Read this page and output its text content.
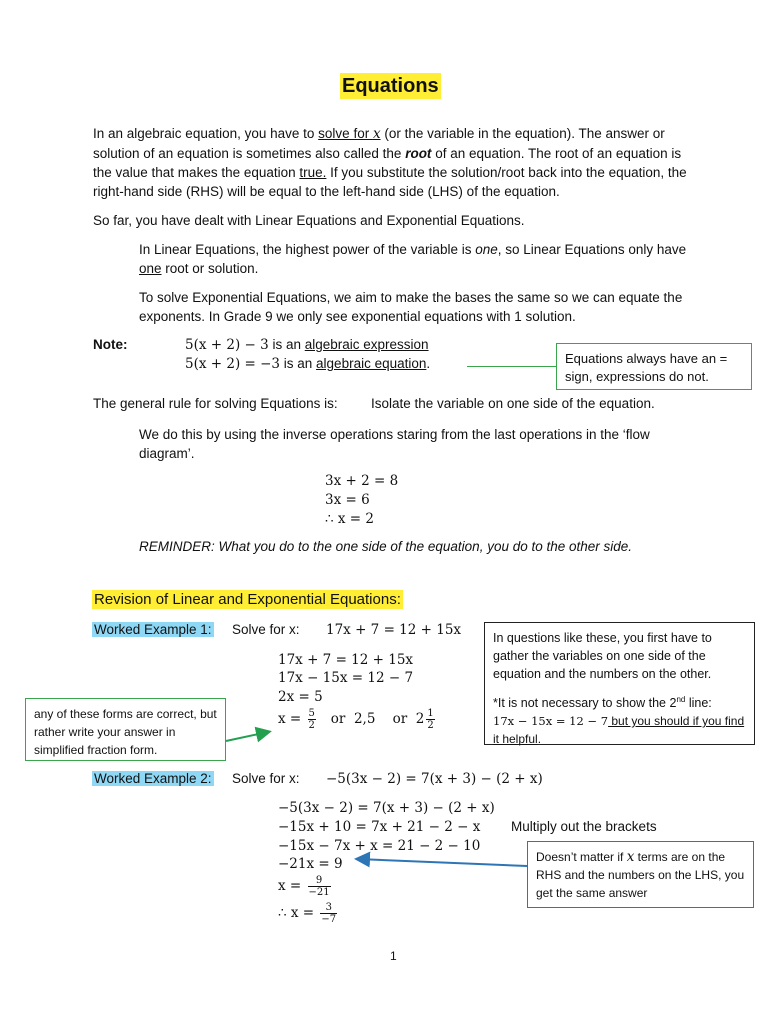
Equations
In an algebraic equation, you have to solve for x (or the variable in the equation). The answer or solution of an equation is sometimes also called the root of an equation. The root of an equation is the value that makes the equation true. If you substitute the solution/root back into the equation, the right-hand side (RHS) will be equal to the left-hand side (LHS) of the equation.
So far, you have dealt with Linear Equations and Exponential Equations.
In Linear Equations, the highest power of the variable is one, so Linear Equations only have one root or solution.
To solve Exponential Equations, we aim to make the bases the same so we can equate the exponents. In Grade 9 we only see exponential equations with 1 solution.
Note:	5(x + 2) − 3 is an algebraic expression
5(x + 2) = −3 is an algebraic equation.	Equations always have an = sign, expressions do not.
The general rule for solving Equations is: Isolate the variable on one side of the equation.
We do this by using the inverse operations staring from the last operations in the ‘flow diagram’.
3x + 2 = 8
3x = 6
∴ x = 2
REMINDER: What you do to the one side of the equation, you do to the other side.
Revision of Linear and Exponential Equations:
Worked Example 1: Solve for x: 17x + 7 = 12 + 15x
17x + 7 = 12 + 15x
17x − 15x = 12 − 7
2x = 5
$x = \frac{5}{2}$ or 2,5 or $2 \frac{1}{2}$
In questions like these, you first have to gather the variables on one side of the equation and the numbers on the other.
*It is not necessary to show the 2nd line:
17x − 15x = 12 − 7 but you should if you find it helpful.
any of these forms are correct, but rather write your answer in simplified fraction form.
Worked Example 2: Solve for x: −5(3x − 2) = 7(x + 3) − (2 + x)
−5(3x − 2) = 7(x + 3) − (2 + x)
−15x + 10 = 7x + 21 − 2 − x Multiply out the brackets
−15x − 7x + x = 21 − 2 − 10
−21x = 9
$x = \frac{9}{-21}$
∴ $x = \frac{3}{-7}$
Doesn’t matter if x terms are on the RHS and the numbers on the LHS, you get the same answer
1
